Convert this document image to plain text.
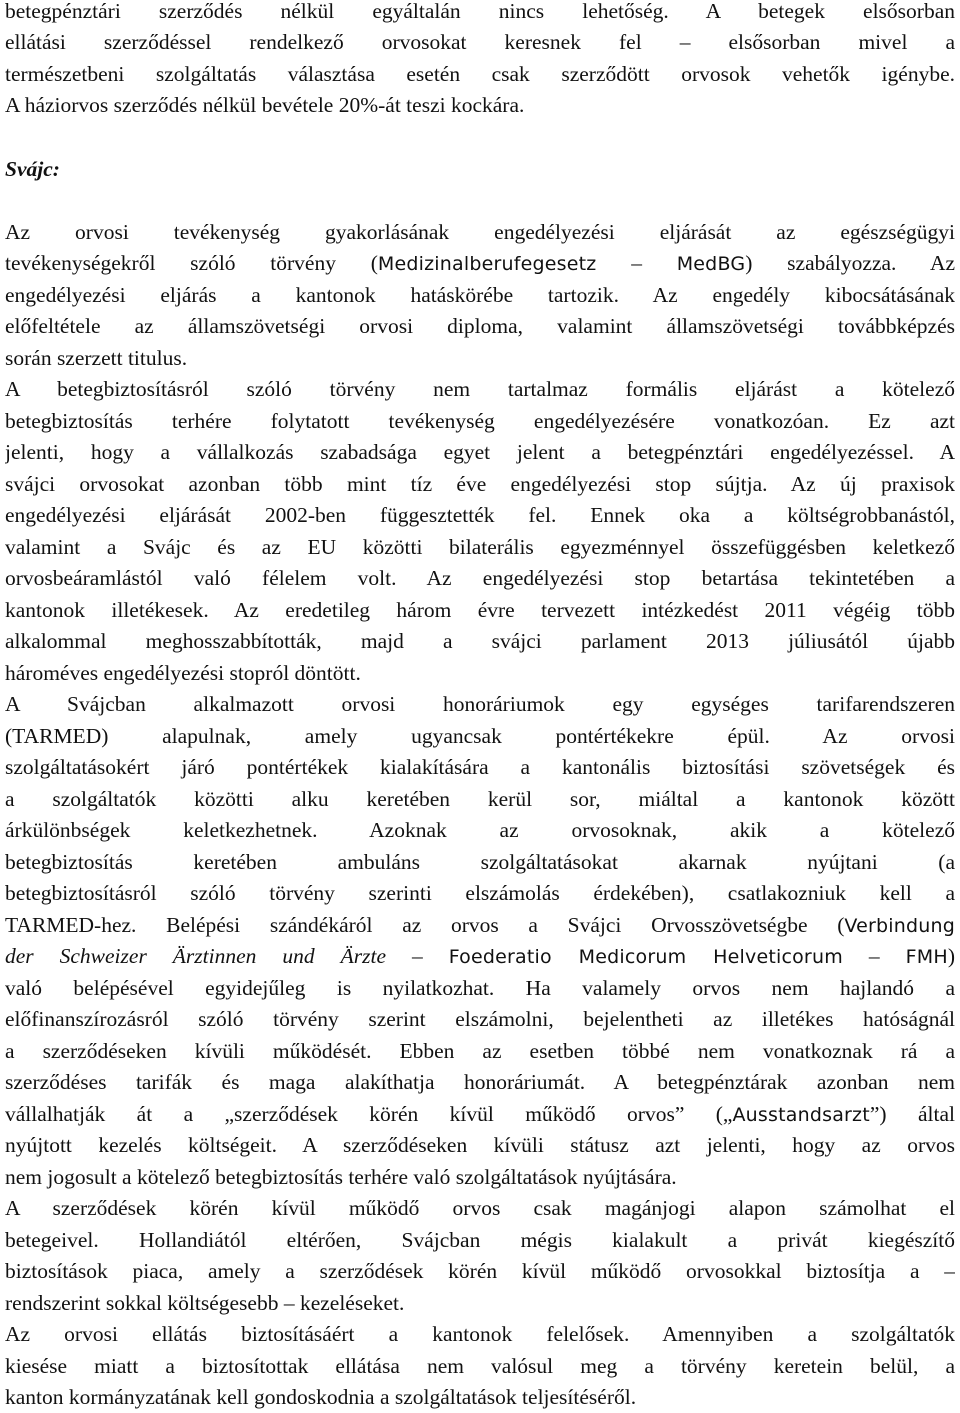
betegpénztári szerződés nélkül egyáltalán nincs lehetőség. A betegek elsősorban
ellátási szerződéssel rendelkező orvosokat keresnek fel – elsősorban mivel a
természetbeni szolgáltatás választása esetén csak szerződött orvosok vehetők igénybe.
A háziorvos szerződés nélkül bevétele 20%-át teszi kockára.
Svájc:
Az orvosi tevékenység gyakorlásának engedélyezési eljárását az egészségügyi
tevékenységekről szóló törvény (Medizinalberufegesetz – MedBG) szabályozza. Az
engedélyezési eljárás a kantonok hatáskörébe tartozik. Az engedély kibocsátásának
előfeltétele az államszövetségi orvosi diploma, valamint államszövetségi továbbképzés
során szerzett titulus.
A betegbiztosításról szóló törvény nem tartalmaz formális eljárást a kötelező
betegbiztosítás terhére folytatott tevékenység engedélyezésére vonatkozóan. Ez azt
jelenti, hogy a vállalkozás szabadsága egyet jelent a betegpénztári engedélyezéssel. A
svájci orvosokat azonban több mint tíz éve engedélyezési stop sújtja. Az új praxisok
engedélyezési eljárását 2002-ben függesztették fel. Ennek oka a költségrobbanástól,
valamint a Svájc és az EU közötti bilaterális egyezménnyel összefüggésben keletkező
orvosbeáramlástól való félelem volt. Az engedélyezési stop betartása tekintetében a
kantonok illetékesek. Az eredetileg három évre tervezett intézkedést 2011 végéig több
alkalommal meghosszabbították, majd a svájci parlament 2013 júliusától újabb
hároméves engedélyezési stopról döntött.
A Svájcban alkalmazott orvosi honoráriumok egy egységes tarifarendszeren
(TARMED) alapulnak, amely ugyancsak pontértékekre épül. Az orvosi
szolgáltatásokért járó pontértékek kialakítására a kantonális biztosítási szövetségek és
a szolgáltatók közötti alku keretében kerül sor, miáltal a kantonok között
árkülönbségek keletkezhetnek. Azoknak az orvosoknak, akik a kötelező
betegbiztosítás keretében ambuláns szolgáltatásokat akarnak nyújtani (a
betegbiztosításról szóló törvény szerinti elszámolás érdekében), csatlakozniuk kell a
TARMED-hez. Belépési szándékáról az orvos a Svájci Orvosszövetségbe (Verbindung
der Schweizer Ärztinnen und Ärzte – Foederatio Medicorum Helveticorum – FMH)
való belépésével egyidejűleg is nyilatkozhat. Ha valamely orvos nem hajlandó a
előfinanszírozásról szóló törvény szerint elszámolni, bejelentheti az illetékes hatóságnál
a szerződéseken kívüli működését. Ebben az esetben többé nem vonatkoznak rá a
szerződéses tarifák és maga alakíthatja honoráriumát. A betegpénztárak azonban nem
vállalhatják át a „szerződések körén kívül működő orvos” („Ausstandsarzt”) által
nyújtott kezelés költségeit. A szerződéseken kívüli státusz azt jelenti, hogy az orvos
nem jogosult a kötelező betegbiztosítás terhére való szolgáltatások nyújtására.
A szerződések körén kívül működő orvos csak magánjogi alapon számolhat el
betegeivel. Hollandiától eltérően, Svájcban mégis kialakult a privát kiegészítő
biztosítások piaca, amely a szerződések körén kívül működő orvosokkal biztosítja a –
rendszerint sokkal költségesebb – kezeléseket.
Az orvosi ellátás biztosításáért a kantonok felelősek. Amennyiben a szolgáltatók
kiesése miatt a biztosítottak ellátása nem valósul meg a törvény keretein belül, a
kanton kormányzatának kell gondoskodnia a szolgáltatások teljesítéséről.
